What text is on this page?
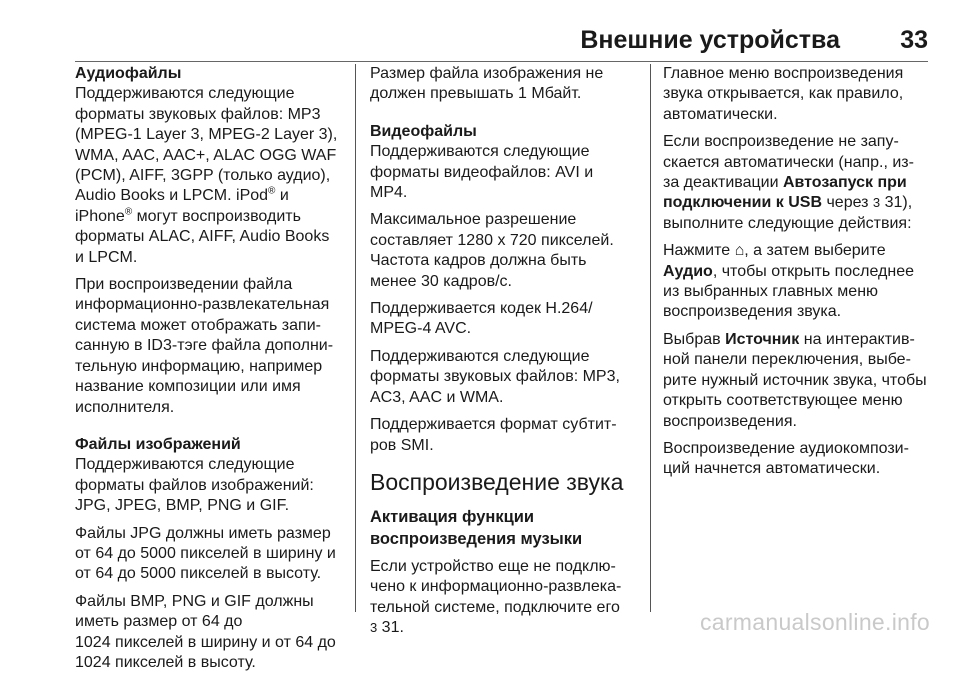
Внешние устройства 33
Аудиофайлы

Поддерживаются следующие
форматы звуковых файлов: MP3
(MPEG-1 Layer 3, MPEG-2 Layer 3),
WMA, AAC, AAC+, ALAC OGG WAF
(PCM), AIFF, 3GPP (только аудио),
Audio Books и LPCM. iPod® и
iPhone® могут воспроизводить
форматы ALAC, AIFF, Audio Books
и LPCM.

При воспроизведении файла
информационно-развлекательная
система может отображать запи-
санную в ID3-тэге файла дополни-
тельную информацию, например
название композиции или имя
исполнителя.

Файлы изображений

Поддерживаются следующие
форматы файлов изображений:
JPG, JPEG, BMP, PNG и GIF.

Файлы JPG должны иметь размер
от 64 до 5000 пикселей в ширину и
от 64 до 5000 пикселей в высоту.

Файлы BMP, PNG и GIF должны
иметь размер от 64 до
1024 пикселей в ширину и от 64 до
1024 пикселей в высоту.

Размер файла изображения не
должен превышать 1 Мбайт.

Видеофайлы

Поддерживаются следующие
форматы видеофайлов: AVI и
MP4.

Максимальное разрешение
составляет 1280 x 720 пикселей.
Частота кадров должна быть
менее 30 кадров/с.

Поддерживается кодек H.264/
MPEG-4 AVC.

Поддерживаются следующие
форматы звуковых файлов: MP3,
AC3, AAC и WMA.

Поддерживается формат субтит-
ров SMI.

Воспроизведение звука
Активация функции
воспроизведения музыки

Если устройство еще не подклю-
чено к информационно-развлека-
тельной системе, подключите его
3 31.

Главное меню воспроизведения
звука открывается, как правило,
автоматически.

Если воспроизведение не запу-
скается автоматически (напр., из-
за деактивации Автозапуск при
подключении к USB через 3 31),
выполните следующие действия:

Нажмите ⌂, а затем выберите
Аудио, чтобы открыть последнее
из выбранных главных меню
воспроизведения звука.

Выбрав Источник на интерактив-
ной панели переключения, выбе-
рите нужный источник звука, чтобы
открыть соответствующее меню
воспроизведения.

Воспроизведение аудиокомпози-
ций начнется автоматически.

carmanualsonline.info
